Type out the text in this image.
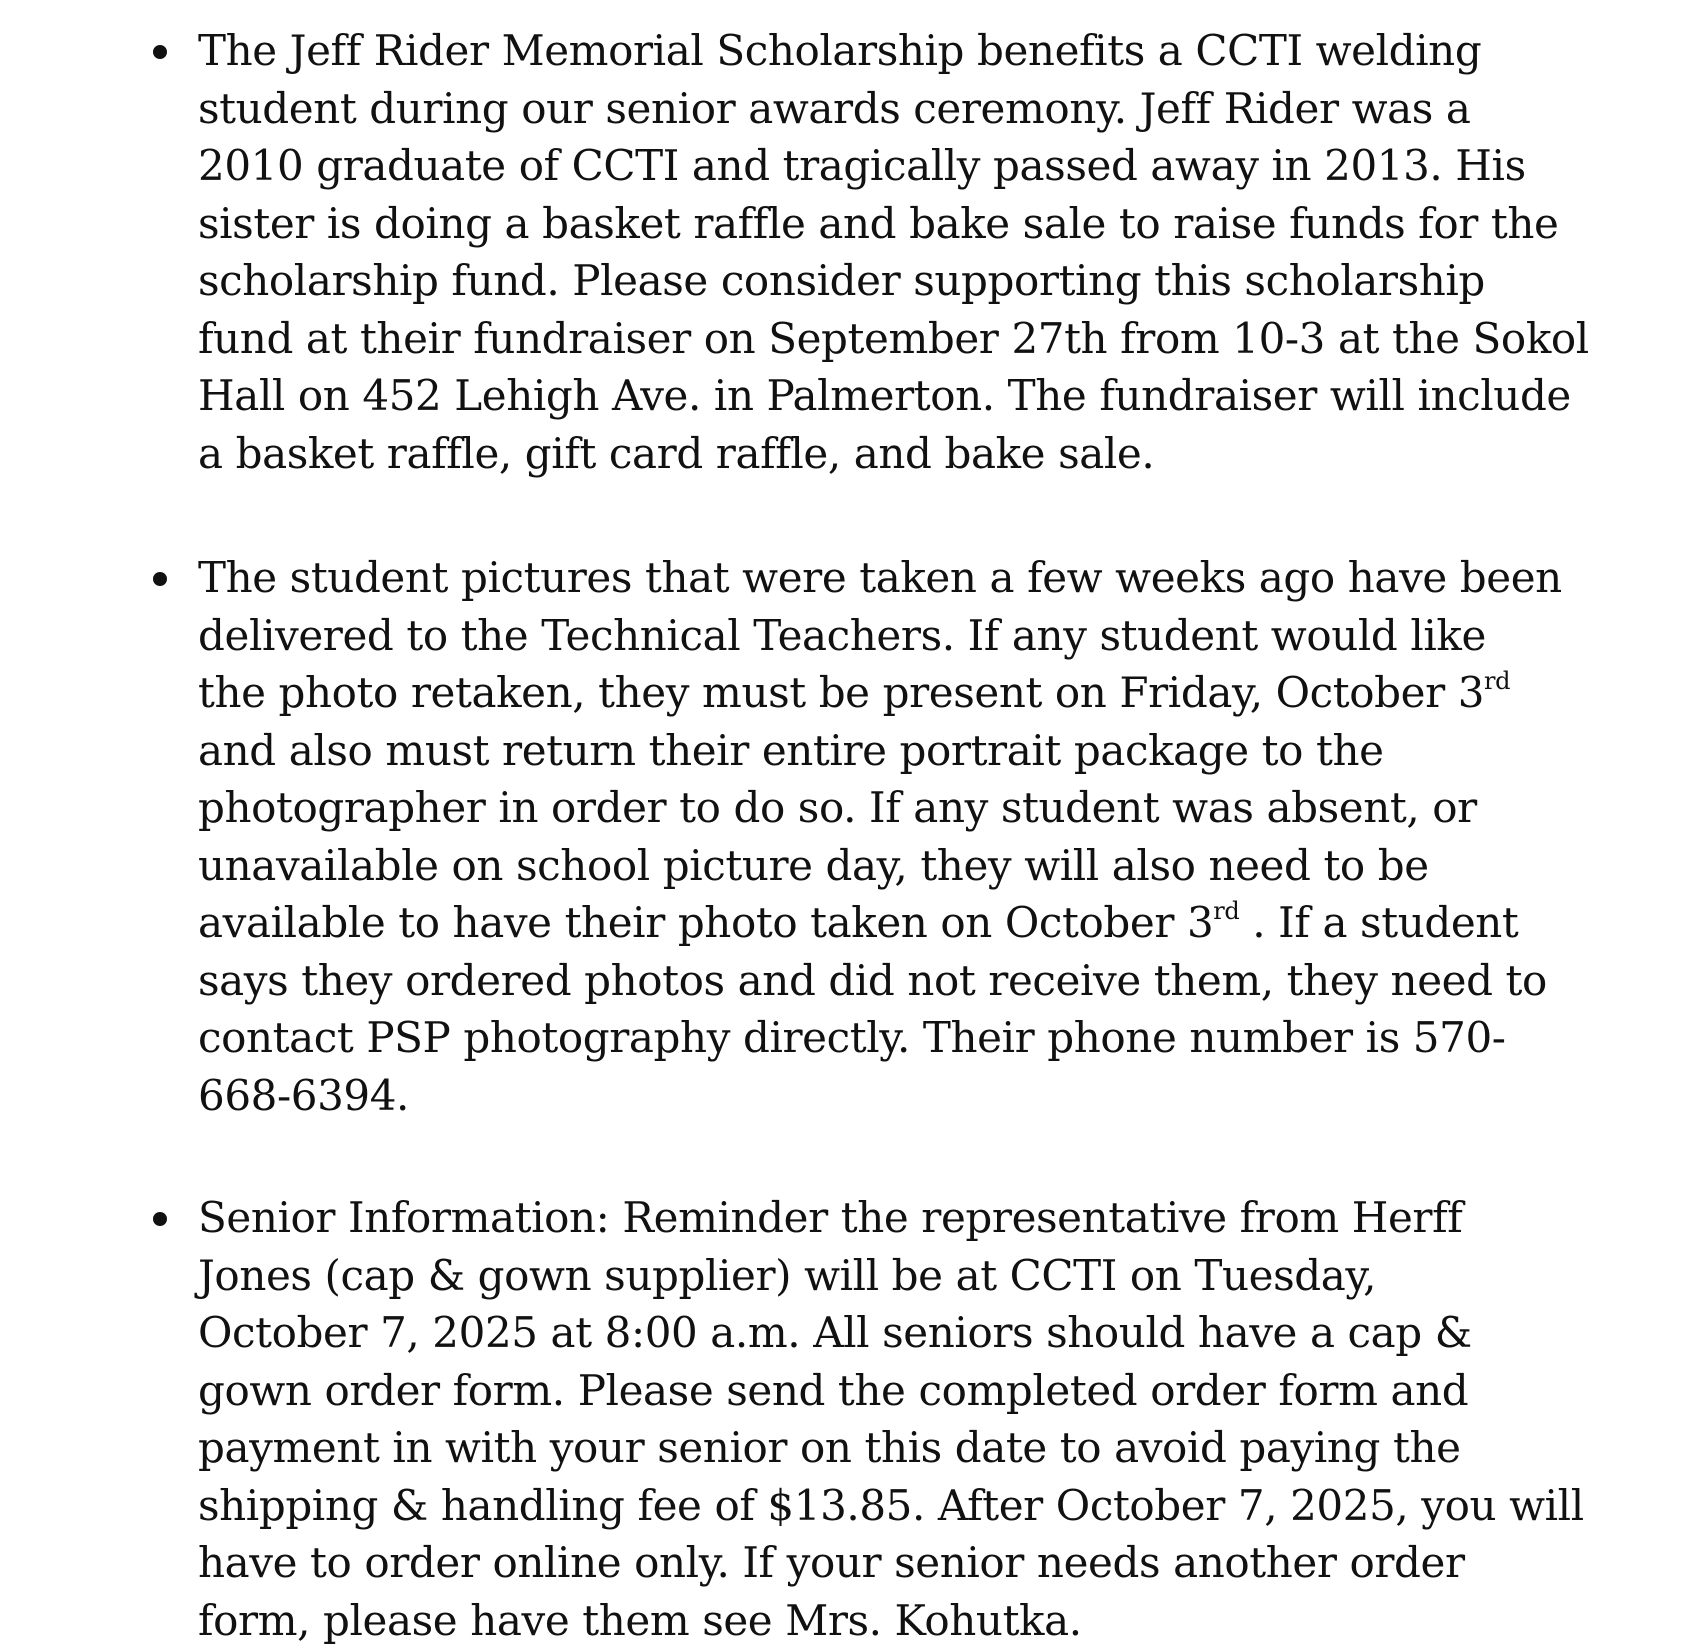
The Jeff Rider Memorial Scholarship benefits a CCTI welding
student during our senior awards ceremony. Jeff Rider was a
2010 graduate of CCTI and tragically passed away in 2013. His
sister is doing a basket raffle and bake sale to raise funds for the
scholarship fund. Please consider supporting this scholarship
fund at their fundraiser on September 27th from 10-3 at the Sokol
Hall on 452 Lehigh Ave. in Palmerton. The fundraiser will include
a basket raffle, gift card raffle, and bake sale.
The student pictures that were taken a few weeks ago have been
delivered to the Technical Teachers. If any student would like
the photo retaken, they must be present on Friday, October 3rd
and also must return their entire portrait package to the
photographer in order to do so. If any student was absent, or
unavailable on school picture day, they will also need to be
available to have their photo taken on October 3rd . If a student
says they ordered photos and did not receive them, they need to
contact PSP photography directly. Their phone number is 570-
668-6394.
Senior Information: Reminder the representative from Herff
Jones (cap & gown supplier) will be at CCTI on Tuesday,
October 7, 2025 at 8:00 a.m. All seniors should have a cap &
gown order form. Please send the completed order form and
payment in with your senior on this date to avoid paying the
shipping & handling fee of $13.85. After October 7, 2025, you will
have to order online only. If your senior needs another order
form, please have them see Mrs. Kohutka.
